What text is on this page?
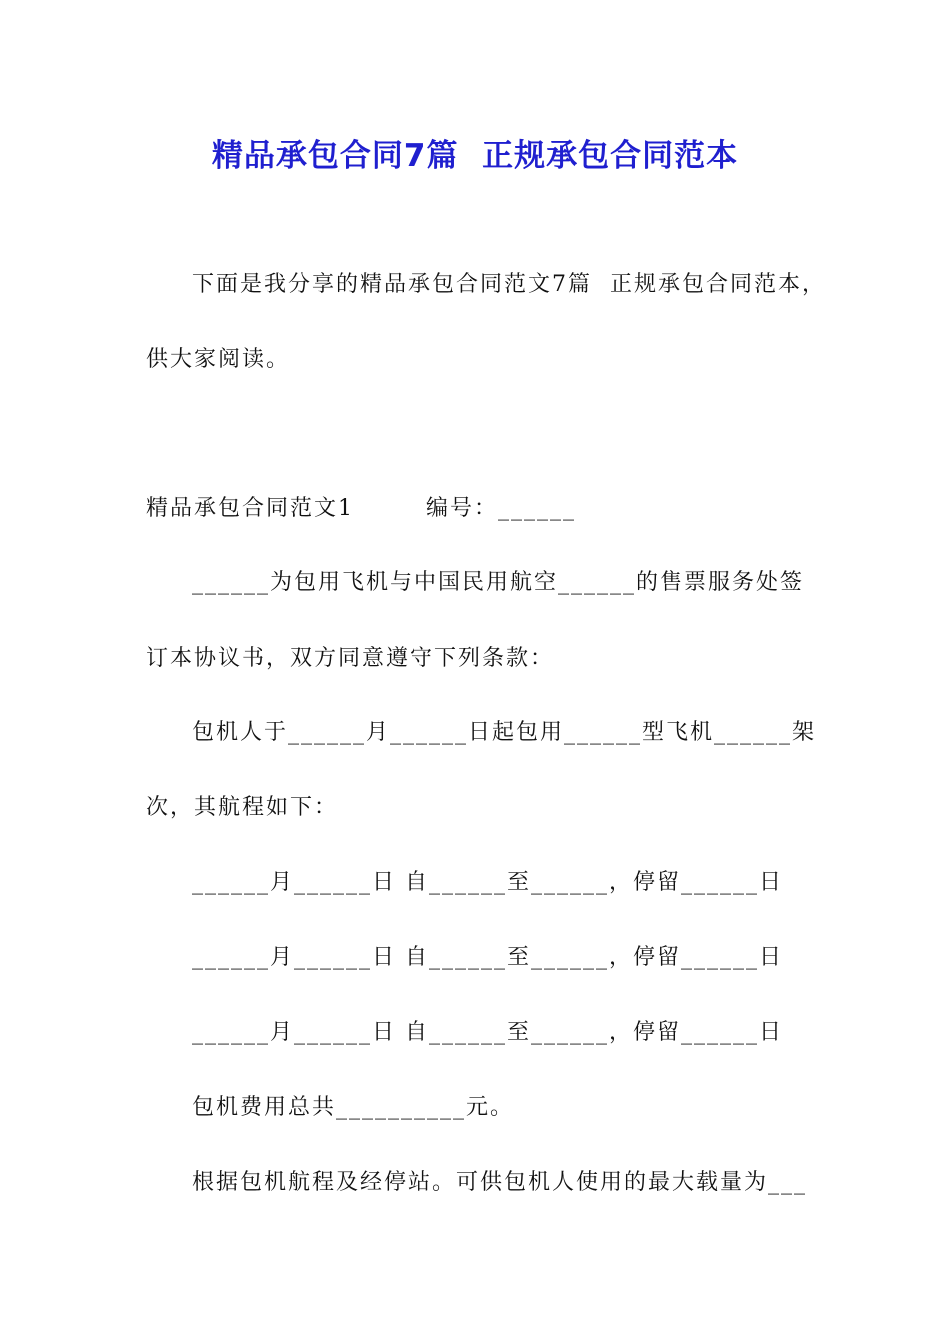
精品承包合同7篇  正规承包合同范本
下面是我分享的精品承包合同范文7篇  正规承包合同范本，
供大家阅读。
精品承包合同范文1　　　编号：______
______为包用飞机与中国民用航空______的售票服务处签
订本协议书，双方同意遵守下列条款：
包机人于______月______日起包用______型飞机______架
次，其航程如下：
______月______日 自______至______，停留______日
______月______日 自______至______，停留______日
______月______日 自______至______，停留______日
包机费用总共__________元。
根据包机航程及经停站。可供包机人使用的最大载量为___
